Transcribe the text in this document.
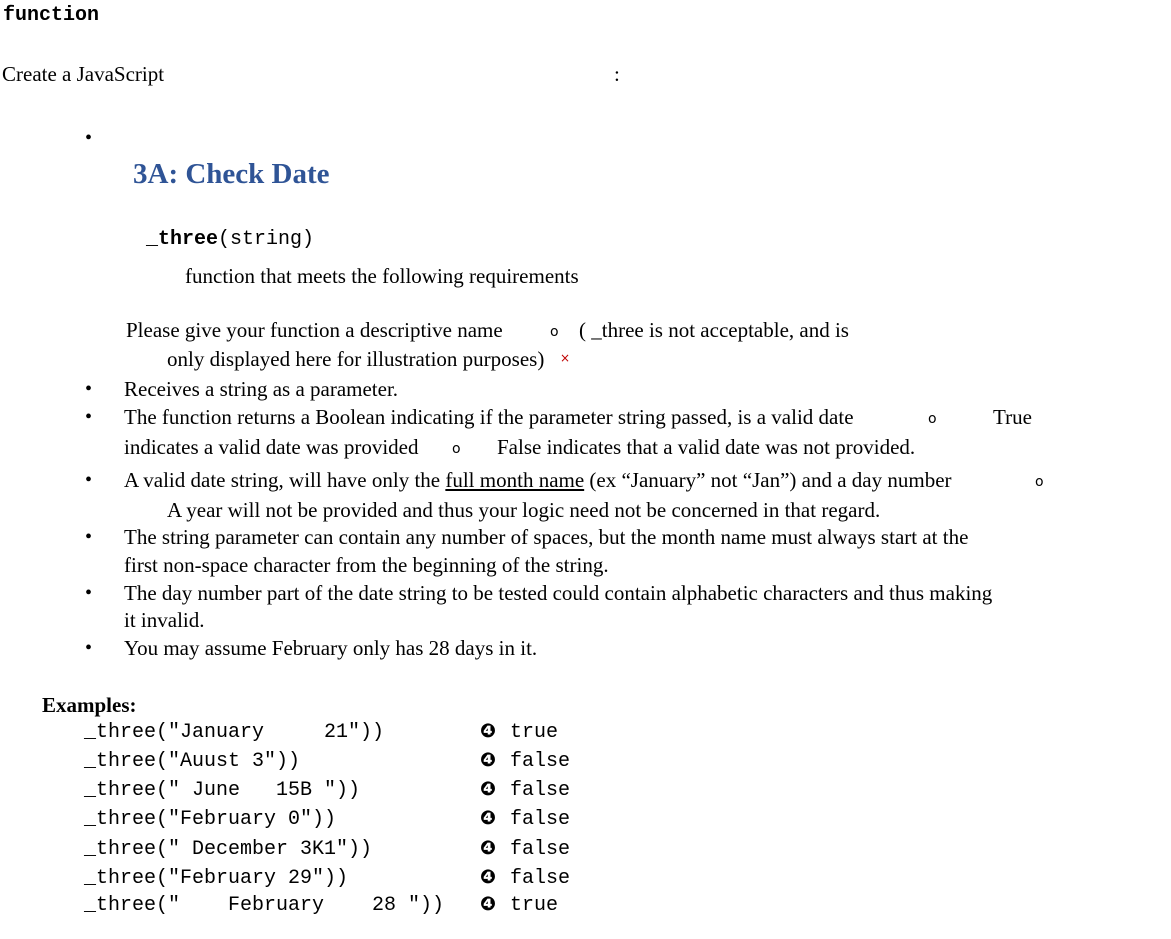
function
Create a JavaScript	:
•
3A: Check Date

_three(string)

function that meets the following requirements
Please give your function a descriptive name	o ( _three is not acceptable, and is
only displayed here for illustration purposes) ×
• Receives a string as a parameter.
• The function returns a Boolean indicating if the parameter string passed, is a valid date	o	True
indicates a valid date was provided o False indicates that a valid date was not provided.
• A valid date string, will have only the full month name (ex “January” not “Jan”) and a day number	o
A year will not be provided and thus your logic need not be concerned in that regard.
• The string parameter can contain any number of spaces, but the month name must always start at the
first non-space character from the beginning of the string.
• The day number part of the date string to be tested could contain alphabetic characters and thus making
it invalid.
• You may assume February only has 28 days in it.
Examples:
_three("January     21"))	❹ true
_three("Auust 3"))	❹ false
_three(" June   15B "))	❹ false
_three("February 0"))	❹ false
_three(" December 3K1"))	❹ false
_three("February 29"))	❹ false
_three("    February    28 ")) ❹ true
